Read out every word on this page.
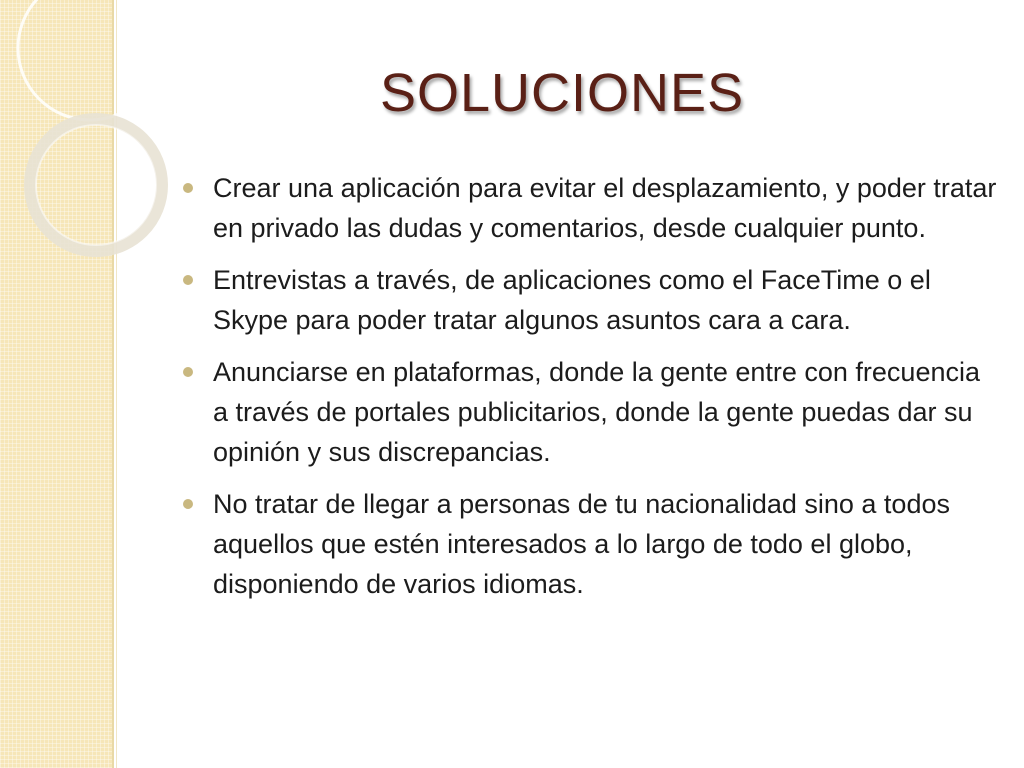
SOLUCIONES
Crear una aplicación para evitar el desplazamiento, y poder tratar en privado las dudas y comentarios, desde cualquier punto.
Entrevistas a través, de aplicaciones como el FaceTime o el Skype para poder tratar algunos asuntos cara a cara.
Anunciarse en plataformas, donde la gente entre con frecuencia a través de portales publicitarios, donde la gente puedas dar su opinión y sus discrepancias.
No tratar de llegar a personas de tu nacionalidad sino a todos aquellos que estén interesados a lo largo de todo el globo, disponiendo de varios idiomas.
